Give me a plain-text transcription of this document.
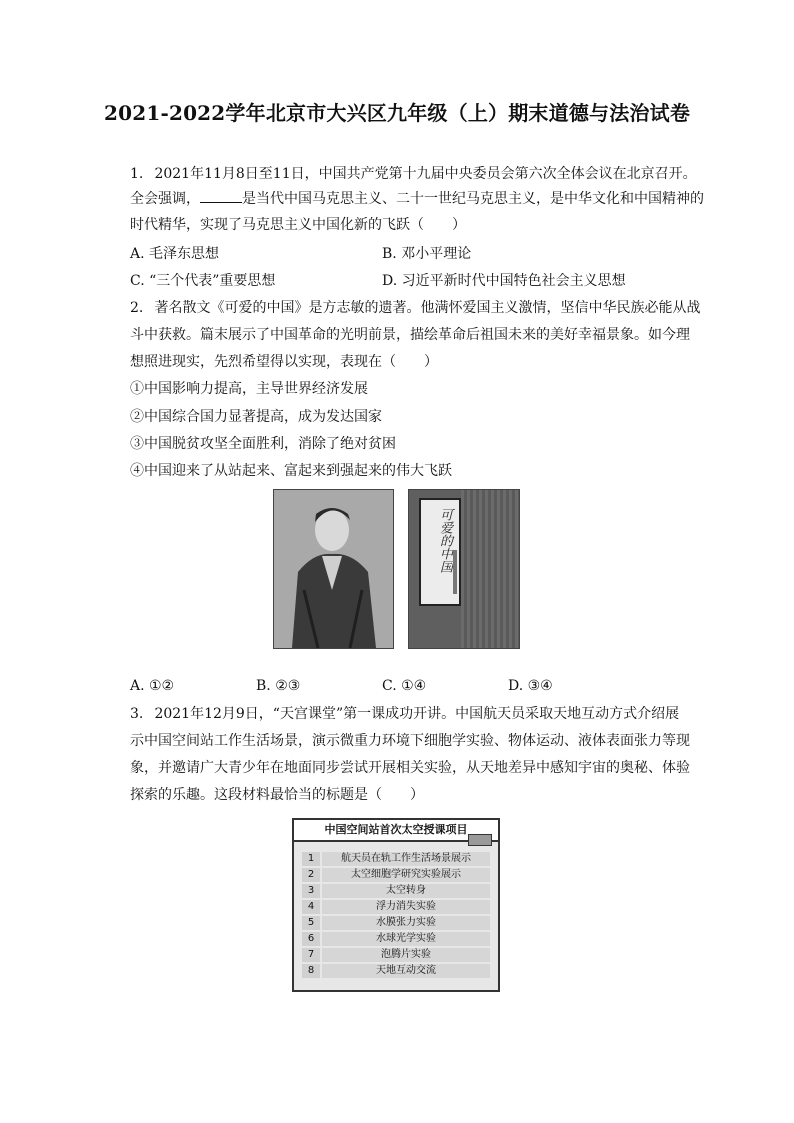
2021-2022学年北京市大兴区九年级（上）期末道德与法治试卷
1. 2021年11月8日至11日，中国共产党第十九届中央委员会第六次全体会议在北京召开。
全会强调，	是当代中国马克思主义、二十一世纪马克思主义，是中华文化和中国精神的
时代精华，实现了马克思主义中国化新的飞跃（　　）
A. 毛泽东思想	B. 邓小平理论
C. “三个代表”重要思想	D. 习近平新时代中国特色社会主义思想
2. 著名散文《可爱的中国》是方志敏的遗著。他满怀爱国主义激情，坚信中华民族必能从战
斗中获救。篇末展示了中国革命的光明前景，描绘革命后祖国未来的美好幸福景象。如今理
想照进现实，先烈希望得以实现，表现在（　　）
①中国影响力提高，主导世界经济发展
②中国综合国力显著提高，成为发达国家
③中国脱贫攻坚全面胜利，消除了绝对贫困
④中国迎来了从站起来、富起来到强起来的伟大飞跃
可爱的中国
A. ①②	B. ②③	C. ①④	D. ③④
3. 2021年12月9日，“天宫课堂”第一课成功开讲。中国航天员采取天地互动方式介绍展
示中国空间站工作生活场景，演示微重力环境下细胞学实验、物体运动、液体表面张力等现
象，并邀请广大青少年在地面同步尝试开展相关实验，从天地差异中感知宇宙的奥秘、体验
探索的乐趣。这段材料最恰当的标题是（　　）
中国空间站首次太空授课项目
1	航天员在轨工作生活场景展示
2	太空细胞学研究实验展示
3	太空转身
4	浮力消失实验
5	水膜张力实验
6	水球光学实验
7	泡腾片实验
8	天地互动交流
